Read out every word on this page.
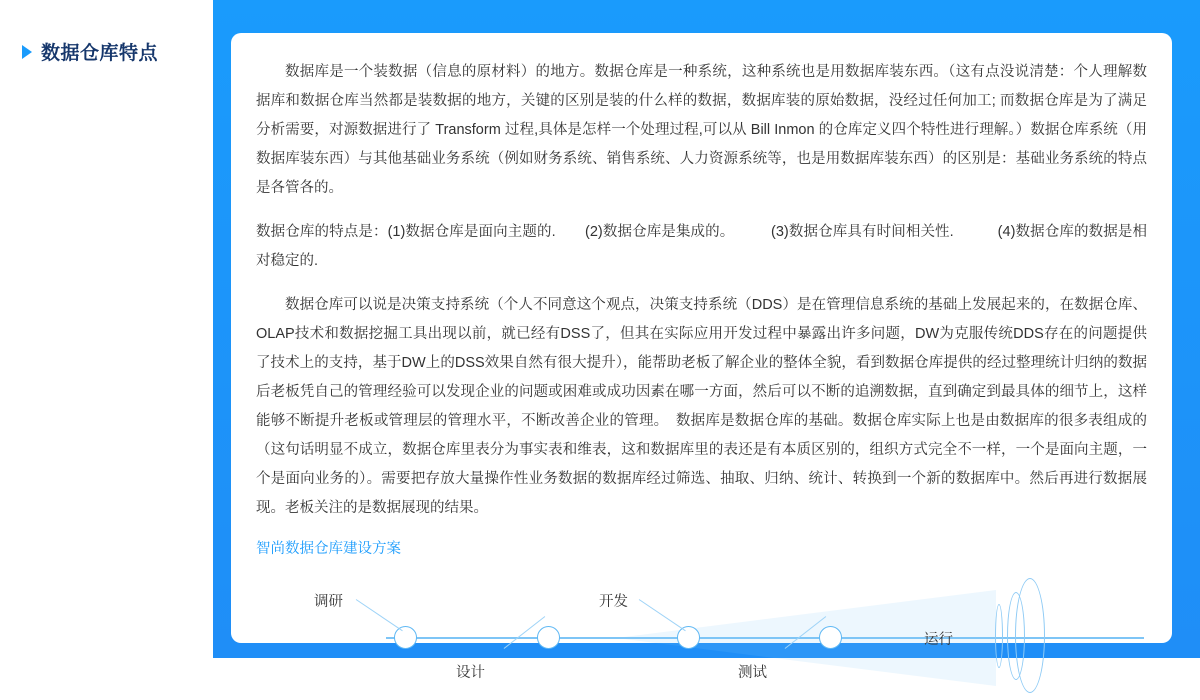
数据仓库特点

数据库是一个装数据（信息的原材料）的地方。数据仓库是一种系统，这种系统也是用数据库装东西。（这有点没说清楚：个人理解数据库和数据仓库当然都是装数据的地方，关键的区别是装的什么样的数据，数据库装的原始数据，没经过任何加工; 而数据仓库是为了满足分析需要，对源数据进行了 Transform 过程,具体是怎样一个处理过程,可以从 Bill Inmon 的仓库定义四个特性进行理解。）数据仓库系统（用数据库装东西）与其他基础业务系统（例如财务系统、销售系统、人力资源系统等，也是用数据库装东西）的区别是：基础业务系统的特点是各管各的。

数据仓库的特点是：(1)数据仓库是面向主题的.　　(2)数据仓库是集成的。　　　(3)数据仓库具有时间相关性.　　　(4)数据仓库的数据是相对稳定的.

数据仓库可以说是决策支持系统（个人不同意这个观点，决策支持系统（DDS）是在管理信息系统的基础上发展起来的，在数据仓库、OLAP技术和数据挖掘工具出现以前，就已经有DSS了，但其在实际应用开发过程中暴露出许多问题，DW为克服传统DDS存在的问题提供了技术上的支持，基于DW上的DSS效果自然有很大提升），能帮助老板了解企业的整体全貌，看到数据仓库提供的经过整理统计归纳的数据后老板凭自己的管理经验可以发现企业的问题或困难或成功因素在哪一方面，然后可以不断的追溯数据，直到确定到最具体的细节上，这样能够不断提升老板或管理层的管理水平，不断改善企业的管理。　数据库是数据仓库的基础。数据仓库实际上也是由数据库的很多表组成的（这句话明显不成立，数据仓库里表分为事实表和维表，这和数据库里的表还是有本质区别的，组织方式完全不一样，一个是面向主题，一个是面向业务的）。需要把存放大量操作性业务数据的数据库经过筛选、抽取、归纳、统计、转换到一个新的数据库中。然后再进行数据展现。老板关注的是数据展现的结果。

智尚数据仓库建设方案
调研
设计
开发
测试
运行
